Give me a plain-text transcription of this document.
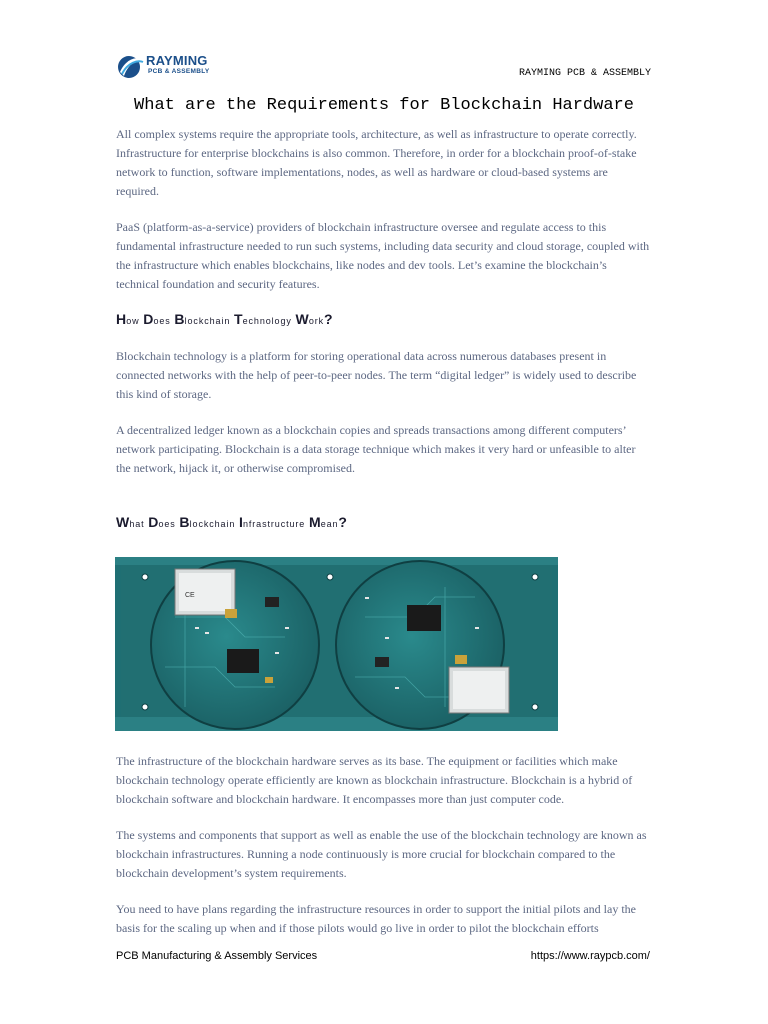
RAYMING
PCB & ASSEMBLY	RAYMING PCB & ASSEMBLY
What are the Requirements for Blockchain Hardware

All complex systems require the appropriate tools, architecture, as well as infrastructure to operate correctly. Infrastructure for enterprise blockchains is also common. Therefore, in order for a blockchain proof-of-stake network to function, software implementations, nodes, as well as hardware or cloud-based systems are required.

PaaS (platform-as-a-service) providers of blockchain infrastructure oversee and regulate access to this fundamental infrastructure needed to run such systems, including data security and cloud storage, coupled with the infrastructure which enables blockchains, like nodes and dev tools. Let’s examine the blockchain’s technical foundation and security features.

How Does Blockchain Technology Work?

Blockchain technology is a platform for storing operational data across numerous databases present in connected networks with the help of peer-to-peer nodes. The term “digital ledger” is widely used to describe this kind of storage.

A decentralized ledger known as a blockchain copies and spreads transactions among different computers’ network participating. Blockchain is a data storage technique which makes it very hard or unfeasible to alter the network, hijack it, or otherwise compromised.

What Does Blockchain Infrastructure Mean?
CE

The infrastructure of the blockchain hardware serves as its base. The equipment or facilities which make blockchain technology operate efficiently are known as blockchain infrastructure. Blockchain is a hybrid of blockchain software and blockchain hardware. It encompasses more than just computer code.

The systems and components that support as well as enable the use of the blockchain technology are known as blockchain infrastructures. Running a node continuously is more crucial for blockchain compared to the blockchain development’s system requirements.

You need to have plans regarding the infrastructure resources in order to support the initial pilots and lay the basis for the scaling up when and if those pilots would go live in order to pilot the blockchain efforts

PCB Manufacturing & Assembly Services	https://www.raypcb.com/
